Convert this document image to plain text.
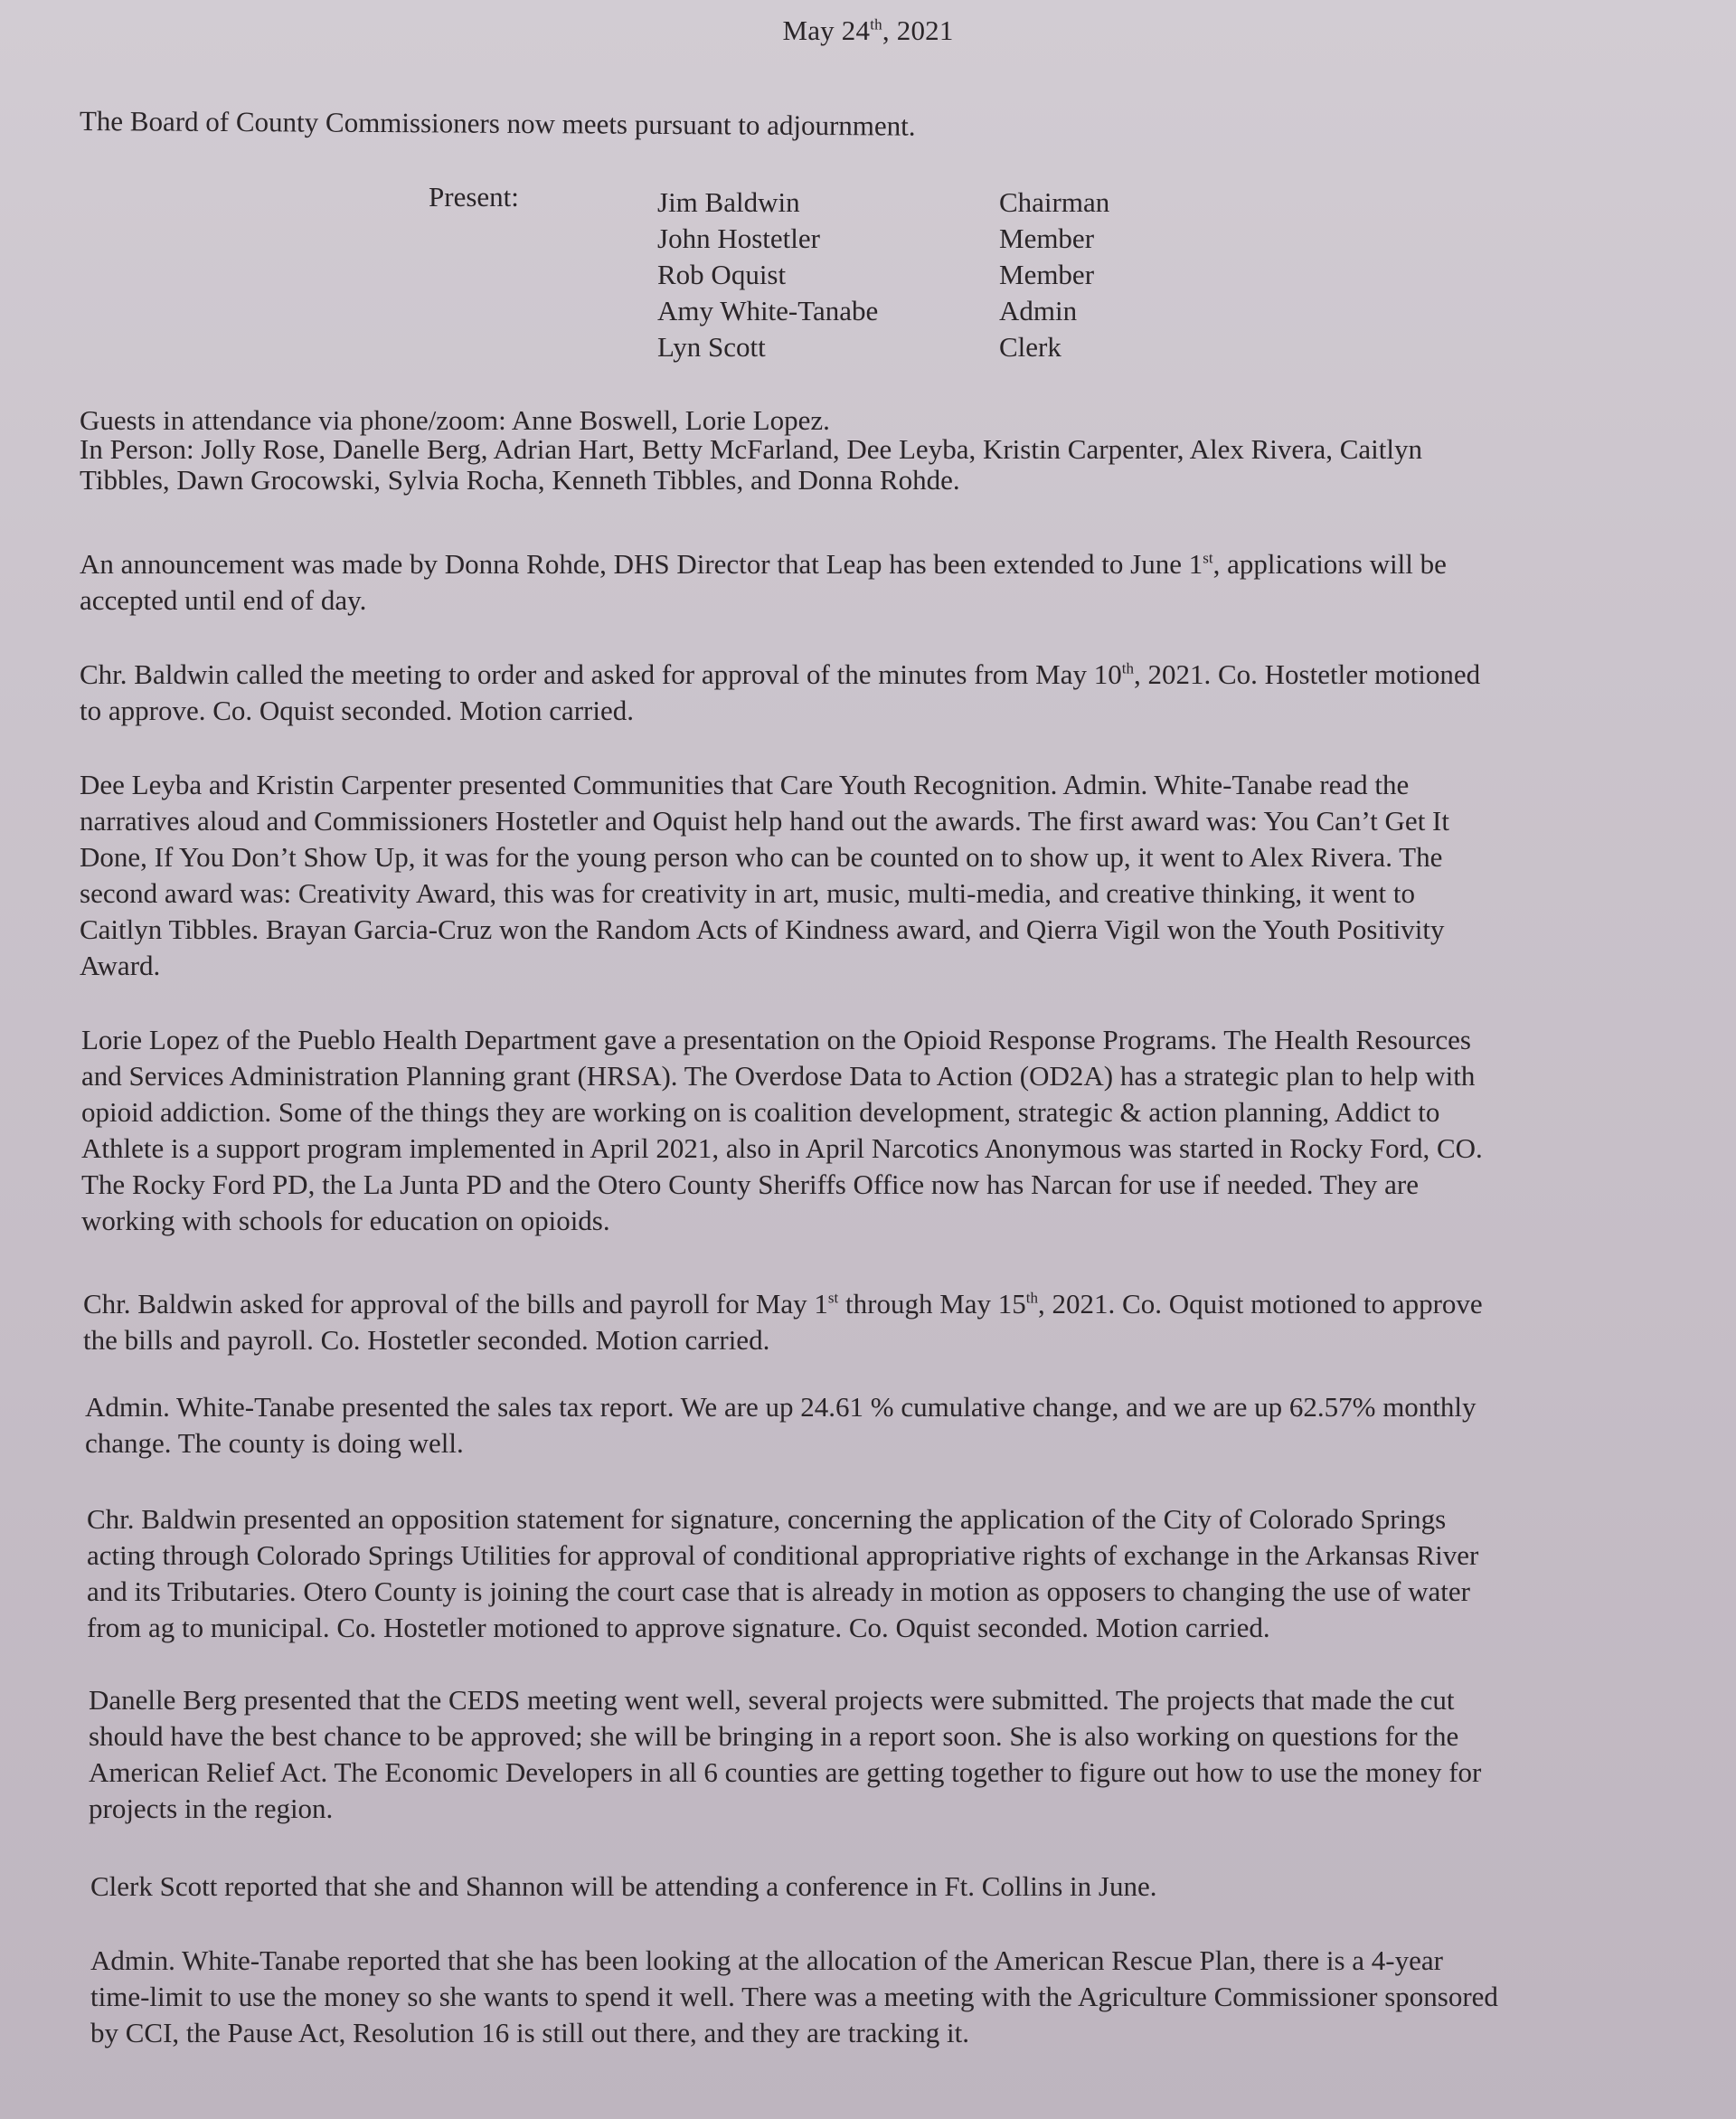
May 24th, 2021
The Board of County Commissioners now meets pursuant to adjournment.
Present:	Jim Baldwin	Chairman
John Hostetler	Member
Rob Oquist	Member
Amy White-Tanabe	Admin
Lyn Scott	Clerk
Guests in attendance via phone/zoom: Anne Boswell, Lorie Lopez.
In Person: Jolly Rose, Danelle Berg, Adrian Hart, Betty McFarland, Dee Leyba, Kristin Carpenter, Alex Rivera, Caitlyn
Tibbles, Dawn Grocowski, Sylvia Rocha, Kenneth Tibbles, and Donna Rohde.
An announcement was made by Donna Rohde, DHS Director that Leap has been extended to June 1st, applications will be
accepted until end of day.
Chr. Baldwin called the meeting to order and asked for approval of the minutes from May 10th, 2021. Co. Hostetler motioned
to approve. Co. Oquist seconded. Motion carried.
Dee Leyba and Kristin Carpenter presented Communities that Care Youth Recognition. Admin. White-Tanabe read the
narratives aloud and Commissioners Hostetler and Oquist help hand out the awards. The first award was: You Can’t Get It
Done, If You Don’t Show Up, it was for the young person who can be counted on to show up, it went to Alex Rivera. The
second award was: Creativity Award, this was for creativity in art, music, multi-media, and creative thinking, it went to
Caitlyn Tibbles. Brayan Garcia-Cruz won the Random Acts of Kindness award, and Qierra Vigil won the Youth Positivity
Award.
Lorie Lopez of the Pueblo Health Department gave a presentation on the Opioid Response Programs. The Health Resources
and Services Administration Planning grant (HRSA). The Overdose Data to Action (OD2A) has a strategic plan to help with
opioid addiction. Some of the things they are working on is coalition development, strategic & action planning, Addict to
Athlete is a support program implemented in April 2021, also in April Narcotics Anonymous was started in Rocky Ford, CO.
The Rocky Ford PD, the La Junta PD and the Otero County Sheriffs Office now has Narcan for use if needed. They are
working with schools for education on opioids.
Chr. Baldwin asked for approval of the bills and payroll for May 1st through May 15th, 2021. Co. Oquist motioned to approve
the bills and payroll. Co. Hostetler seconded. Motion carried.
Admin. White-Tanabe presented the sales tax report. We are up 24.61 % cumulative change, and we are up 62.57% monthly
change. The county is doing well.
Chr. Baldwin presented an opposition statement for signature, concerning the application of the City of Colorado Springs
acting through Colorado Springs Utilities for approval of conditional appropriative rights of exchange in the Arkansas River
and its Tributaries. Otero County is joining the court case that is already in motion as opposers to changing the use of water
from ag to municipal. Co. Hostetler motioned to approve signature. Co. Oquist seconded. Motion carried.
Danelle Berg presented that the CEDS meeting went well, several projects were submitted. The projects that made the cut
should have the best chance to be approved; she will be bringing in a report soon. She is also working on questions for the
American Relief Act. The Economic Developers in all 6 counties are getting together to figure out how to use the money for
projects in the region.
Clerk Scott reported that she and Shannon will be attending a conference in Ft. Collins in June.
Admin. White-Tanabe reported that she has been looking at the allocation of the American Rescue Plan, there is a 4-year
time-limit to use the money so she wants to spend it well. There was a meeting with the Agriculture Commissioner sponsored
by CCI, the Pause Act, Resolution 16 is still out there, and they are tracking it.
